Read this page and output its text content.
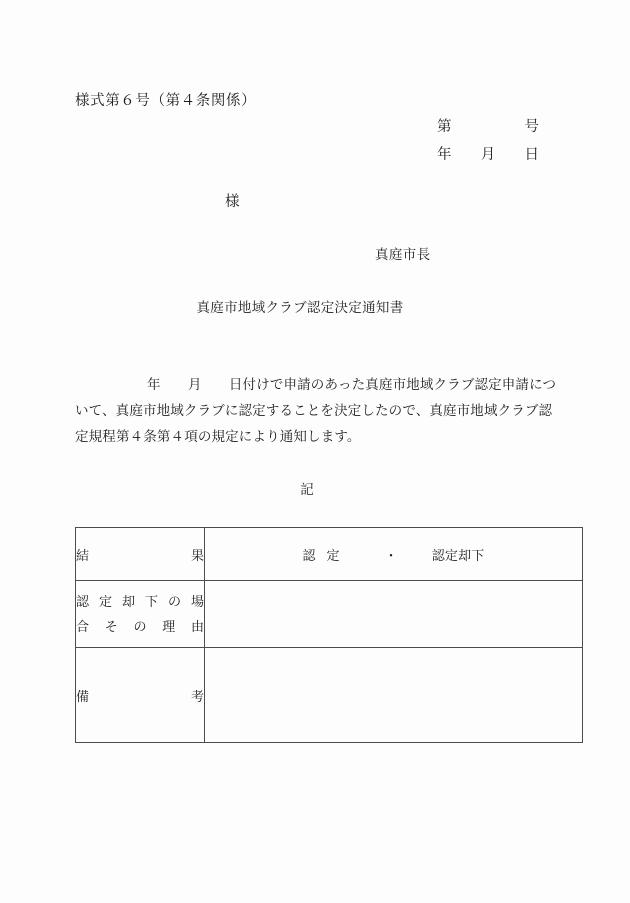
様式第６号（第４条関係）
第　　　　号
年　　月　　日
様
真庭市長
真庭市地域クラブ認定決定通知書
年　　月　　日付けで申請のあった真庭市地域クラブ認定申請につ
いて、真庭市地域クラブに認定することを決定したので、真庭市地域クラブ認
定規程第４条第４項の規定により通知します。
記
結果	認定 ・ 認定却下

認定却下の場
合その理由	

備考	
